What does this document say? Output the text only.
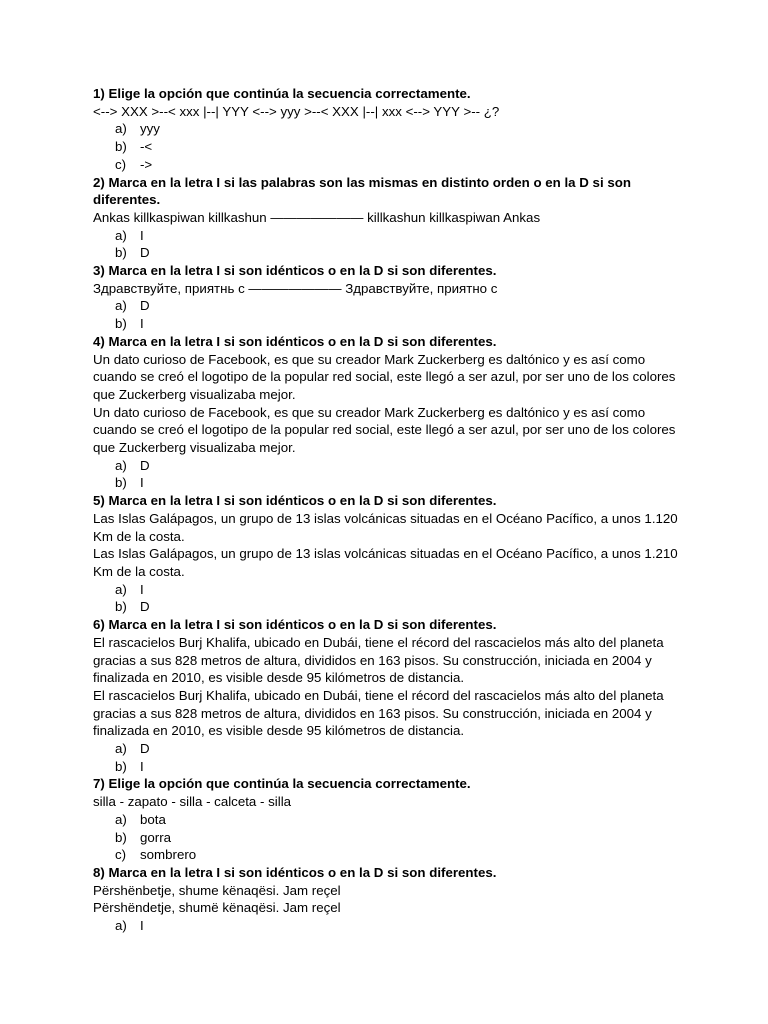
1) Elige la opción que continúa la secuencia correctamente.

<--> XXX >--< xxx |--| YYY <--> yyy >--< XXX |--| xxx <--> YYY >-- ¿?

a) yyy
b) -<
c)	->

2) Marca en la letra I si las palabras son las mismas en distinto orden o en la D si son diferentes.

Ankas killkaspiwan killkashun ——————— killkashun killkaspiwan Ankas

a) I
b) D

3) Marca en la letra I si son idénticos o en la D si son diferentes.

Здравствуйте, приятнь с ——————— Здравствуйте, приятно с

a) D
b) I

4) Marca en la letra I si son idénticos o en la D si son diferentes.

Un dato curioso de Facebook, es que su creador Mark Zuckerberg es daltónico y es así como cuando se creó el logotipo de la popular red social, este llegó a ser azul, por ser uno de los colores que Zuckerberg visualizaba mejor.

Un dato curioso de Facebook, es que su creador Mark Zuckerberg es daltónico y es así como cuando se creó el logotipo de la popular red social, este llegó a ser azul, por ser uno de los colores que Zuckerberg visualizaba mejor.

a) D
b) I

5) Marca en la letra I si son idénticos o en la D si son diferentes.

Las Islas Galápagos, un grupo de 13 islas volcánicas situadas en el Océano Pacífico, a unos 1.120 Km de la costa.

Las Islas Galápagos, un grupo de 13 islas volcánicas situadas en el Océano Pacífico, a unos 1.210 Km de la costa.

a) I
b) D

6) Marca en la letra I si son idénticos o en la D si son diferentes.

El rascacielos Burj Khalifa, ubicado en Dubái, tiene el récord del rascacielos más alto del planeta gracias a sus 828 metros de altura, divididos en 163 pisos. Su construcción, iniciada en 2004 y finalizada en 2010, es visible desde 95 kilómetros de distancia.

El rascacielos Burj Khalifa, ubicado en Dubái, tiene el récord del rascacielos más alto del planeta gracias a sus 828 metros de altura, divididos en 163 pisos. Su construcción, iniciada en 2004 y finalizada en 2010, es visible desde 95 kilómetros de distancia.

a) D
b) I

7) Elige la opción que continúa la secuencia correctamente.

silla - zapato - silla - calceta - silla

a) bota
b) gorra
c)	sombrero

8) Marca en la letra I si son idénticos o en la D si son diferentes.

Përshënbetje, shume kënaqësi. Jam reçel

Përshëndetje, shumë kënaqësi. Jam reçel

a) I
